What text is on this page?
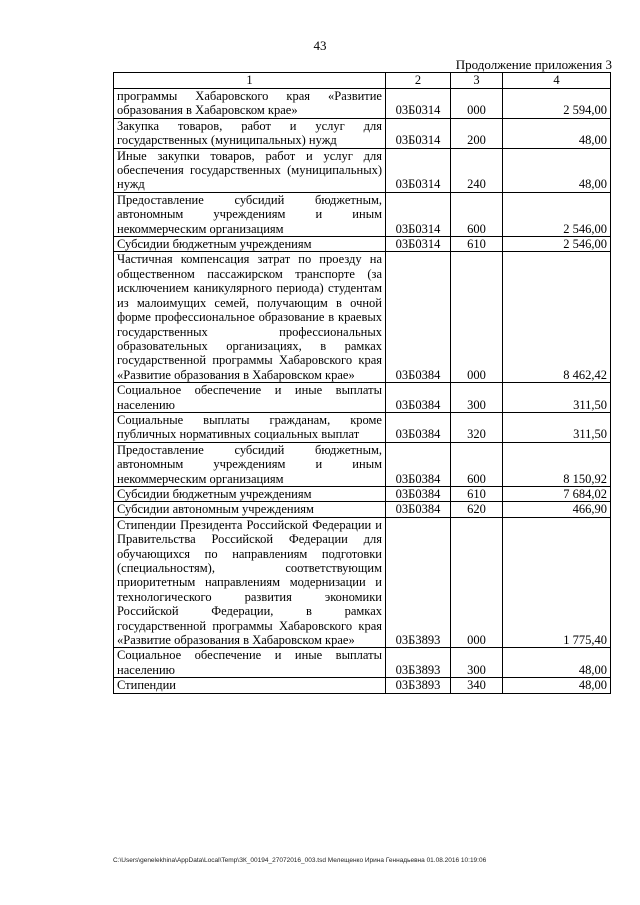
43
Продолжение приложения 3
1	2	3	4
программы Хабаровского края «Развитие образования в Хабаровском крае»	03Б0314	000	2 594,00
Закупка товаров, работ и услуг для государственных (муниципальных) нужд	03Б0314	200	48,00
Иные закупки товаров, работ и услуг для обеспечения государственных (муниципальных) нужд	03Б0314	240	48,00
Предоставление субсидий бюджетным, автономным учреждениям и иным некоммерческим организациям	03Б0314	600	2 546,00
Субсидии бюджетным учреждениям	03Б0314	610	2 546,00
Частичная компенсация затрат по проезду на общественном пассажирском транспорте (за исключением каникулярного периода) студентам из малоимущих семей, получающим в очной форме профессиональное образование в краевых государственных профессиональных образовательных организациях, в рамках государственной программы Хабаровского края «Развитие образования в Хабаровском крае»	03Б0384	000	8 462,42
Социальное обеспечение и иные выплаты населению	03Б0384	300	311,50
Социальные выплаты гражданам, кроме публичных нормативных социальных выплат	03Б0384	320	311,50
Предоставление субсидий бюджетным, автономным учреждениям и иным некоммерческим организациям	03Б0384	600	8 150,92
Субсидии бюджетным учреждениям	03Б0384	610	7 684,02
Субсидии автономным учреждениям	03Б0384	620	466,90
Стипендии Президента Российской Федерации и Правительства Российской Федерации для обучающихся по направлениям подготовки (специальностям), соответствующим приоритетным направлениям модернизации и технологического развития экономики Российской Федерации, в рамках государственной программы Хабаровского края «Развитие образования в Хабаровском крае»	03Б3893	000	1 775,40
Социальное обеспечение и иные выплаты населению	03Б3893	300	48,00
Стипендии	03Б3893	340	48,00
C:\Users\genelekhina\AppData\Local\Temp\ЗК_00194_27072016_003.tsd Мелещенко Ирина Геннадьевна 01.08.2016 10:19:06
